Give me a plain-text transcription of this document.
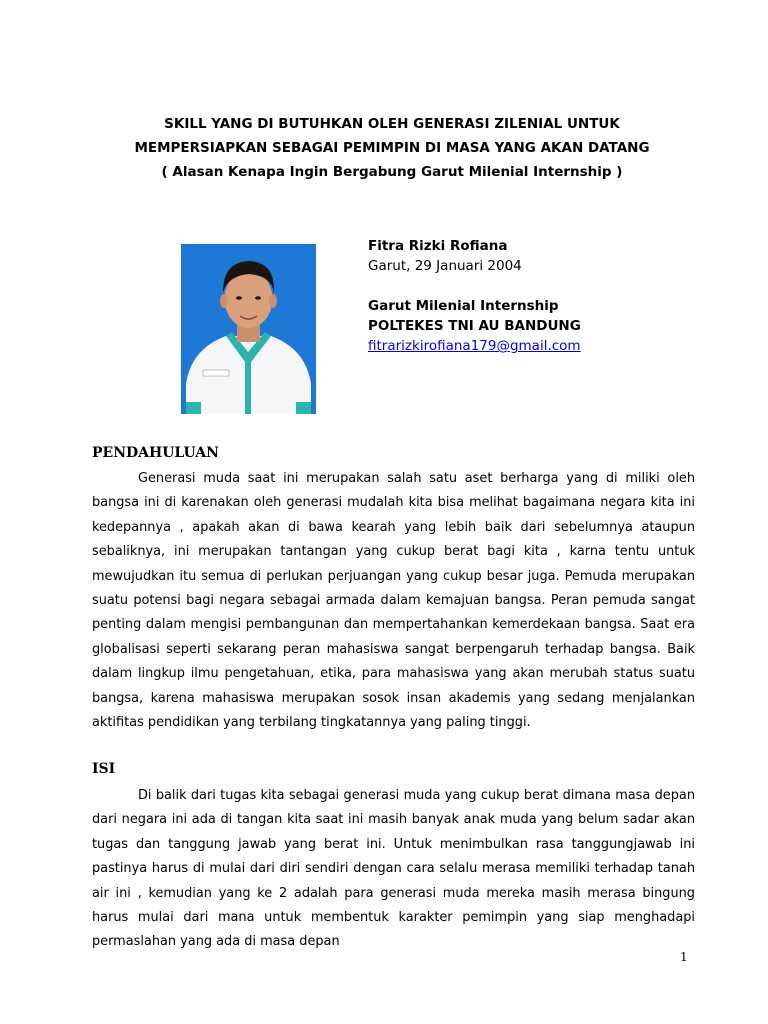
SKILL YANG DI BUTUHKAN OLEH GENERASI ZILENIAL UNTUK
MEMPERSIAPKAN SEBAGAI PEMIMPIN DI MASA YANG AKAN DATANG
( Alasan Kenapa Ingin Bergabung Garut Milenial Internship )
Fitra Rizki Rofiana
Garut, 29 Januari 2004
Garut Milenial Internship
POLTEKES TNI AU BANDUNG
fitrarizkirofiana179@gmail.com
PENDAHULUAN
Generasi muda saat ini merupakan salah satu aset berharga yang di miliki oleh bangsa ini di karenakan oleh generasi mudalah kita bisa melihat bagaimana negara kita ini kedepannya , apakah akan di bawa kearah yang lebih baik dari sebelumnya ataupun sebaliknya, ini merupakan tantangan yang cukup berat bagi kita , karna tentu untuk mewujudkan itu semua di perlukan perjuangan yang cukup besar juga. Pemuda merupakan suatu potensi bagi negara sebagai armada dalam kemajuan bangsa. Peran pemuda sangat penting dalam mengisi pembangunan dan mempertahankan kemerdekaan bangsa. Saat era globalisasi seperti sekarang peran mahasiswa sangat berpengaruh terhadap bangsa. Baik dalam lingkup ilmu pengetahuan, etika, para mahasiswa yang akan merubah status suatu bangsa, karena mahasiswa merupakan sosok insan akademis yang sedang menjalankan aktifitas pendidikan yang terbilang tingkatannya yang paling tinggi.
ISI
Di balik dari tugas kita sebagai generasi muda yang cukup berat dimana masa depan dari negara ini ada di tangan kita saat ini masih banyak anak muda yang belum sadar akan tugas dan tanggung jawab yang berat ini. Untuk menimbulkan rasa tanggungjawab ini pastinya harus di mulai dari diri sendiri dengan cara selalu merasa memiliki terhadap tanah air ini , kemudian yang ke 2 adalah para generasi muda mereka masih merasa bingung harus mulai dari mana untuk membentuk karakter pemimpin yang siap menghadapi permaslahan yang ada di masa depan
1
